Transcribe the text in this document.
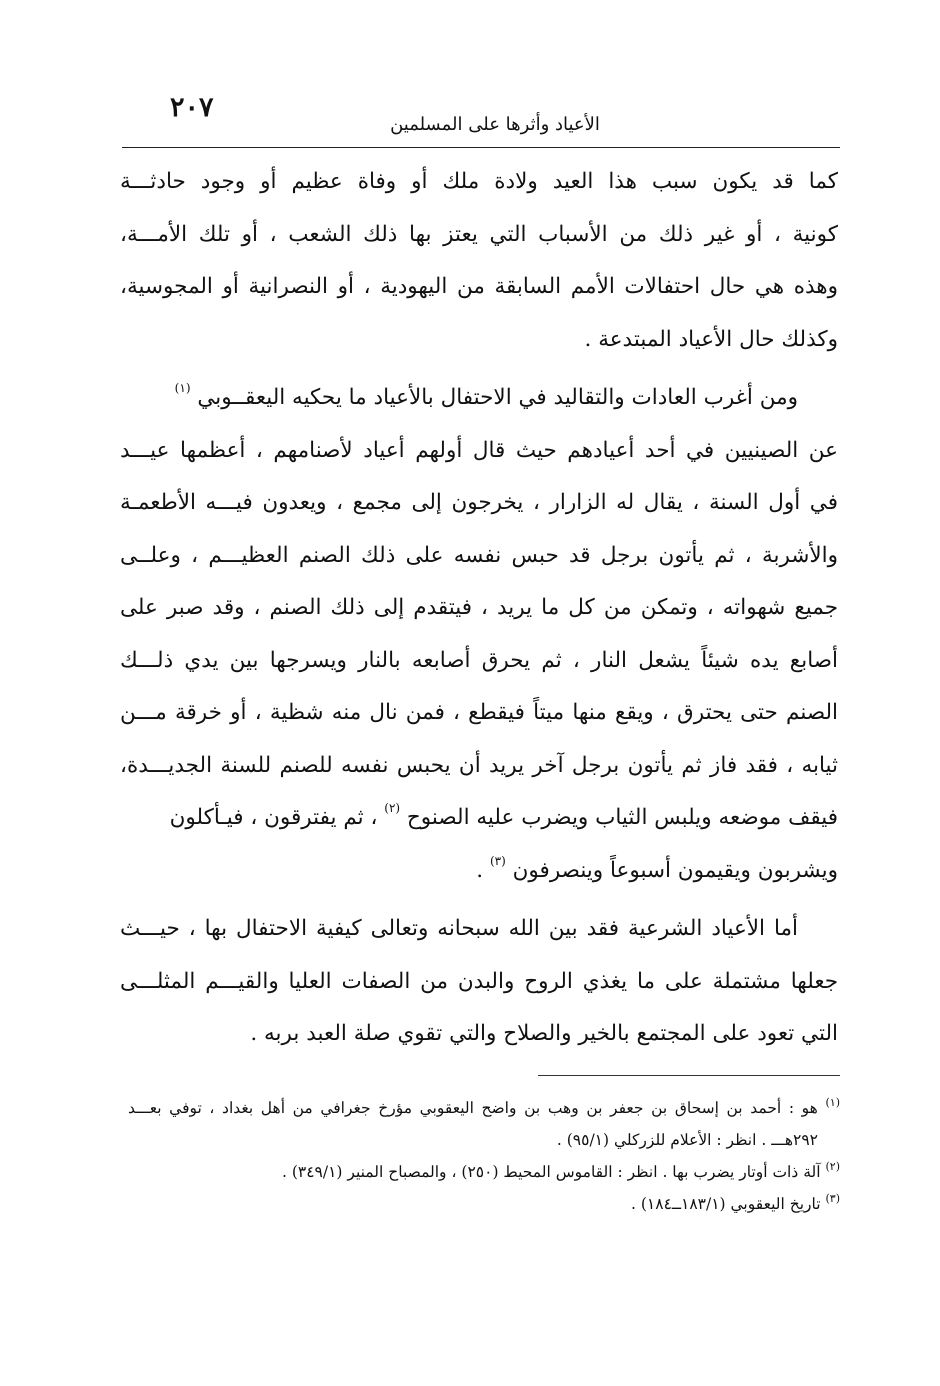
٢٠٧
الأعياد وأثرها على المسلمين
كما قد يكون سبب هذا العيد ولادة ملك أو وفاة عظيم أو وجود حادثـــة
كونية ، أو غير ذلك من الأسباب التي يعتز بها ذلك الشعب ، أو تلك الأمـــة،
وهذه هي حال احتفالات الأمم السابقة من اليهودية ، أو النصرانية أو المجوسية،
وكذلك حال الأعياد المبتدعة .
ومن أغرب العادات والتقاليد في الاحتفال بالأعياد ما يحكيه اليعقــوبي $^{(١)}$
عن الصينيين في أحد أعيادهم حيث قال أولهم أعياد لأصنامهم ، أعظمها عيـــد
في أول السنة ، يقال له الزارار ، يخرجون إلى مجمع ، ويعدون فيـــه الأطعمـة
والأشربة ، ثم يأتون برجل قد حبس نفسه على ذلك الصنم العظيـــم ، وعلــى
جميع شهواته ، وتمكن من كل ما يريد ، فيتقدم إلى ذلك الصنم ، وقد صبر على
أصابع يده شيئاً يشعل النار ، ثم يحرق أصابعه بالنار ويسرجها بين يدي ذلـــك
الصنم حتى يحترق ، ويقع منها ميتاً فيقطع ، فمن نال منه شظية ، أو خرقة مـــن
ثيابه ، فقد فاز ثم يأتون برجل آخر يريد أن يحبس نفسه للصنم للسنة الجديـــدة،
فيقف موضعه ويلبس الثياب ويضرب عليه الصنوح $^{(٢)}$ ، ثم يفترقون ، فيـأكلون
ويشربون ويقيمون أسبوعاً وينصرفون $^{(٣)}$ .
أما الأعياد الشرعية فقد بين الله سبحانه وتعالى كيفية الاحتفال بها ، حيـــث
جعلها مشتملة على ما يغذي الروح والبدن من الصفات العليا والقيـــم المثلـــى
التي تعود على المجتمع بالخير والصلاح والتي تقوي صلة العبد بربه .
$^{(١)}$ هو : أحمد بن إسحاق بن جعفر بن وهب بن واضح اليعقوبي مؤرخ جغرافي من أهل بغداد ، توفي بعـــد
٢٩٢هـــ . انظر : الأعلام للزركلي (٩٥/١) .
$^{(٢)}$ آلة ذات أوتار يضرب بها . انظر : القاموس المحيط (٢٥٠) ، والمصباح المنير (٣٤٩/١) .
$^{(٣)}$ تاريخ اليعقوبي (١٨٣/١ــ١٨٤) .
